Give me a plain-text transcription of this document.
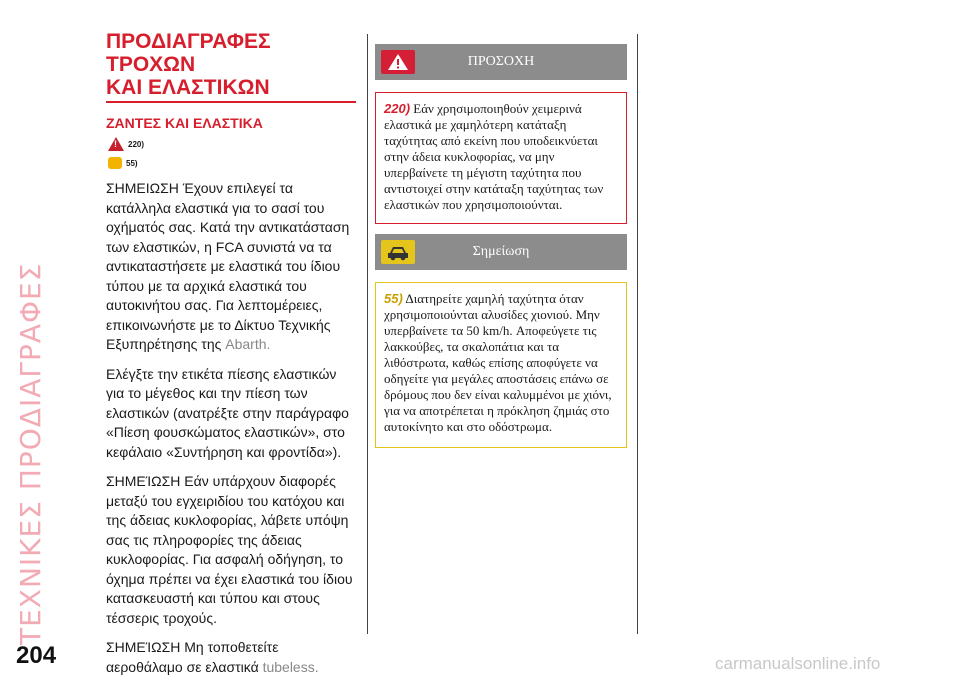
ΤΕΧΝΙΚΕΣ ΠΡΟΔΙΑΓΡΑΦΕΣ
ΠΡΟΔΙΑΓΡΑΦΕΣ ΤΡΟΧΩΝ
ΚΑΙ ΕΛΑΣΤΙΚΩΝ
ΖΑΝΤΕΣ ΚΑΙ ΕΛΑΣΤΙΚΑ
!
220)
55)
ΣΗΜΕΙΩΣΗ Έχουν επιλεγεί τα κατάλληλα ελαστικά για το σασί του οχήματός σας. Κατά την αντικατάσταση των ελαστικών, η FCA συνιστά να τα αντικαταστήσετε με ελαστικά του ίδιου τύπου με τα αρχικά ελαστικά του αυτοκινήτου σας. Για λεπτομέρειες, επικοινωνήστε με το Δίκτυο Τεχνικής Εξυπηρέτησης της Abarth.
Ελέγξτε την ετικέτα πίεσης ελαστικών για το μέγεθος και την πίεση των ελαστικών (ανατρέξτε στην παράγραφο «Πίεση φουσκώματος ελαστικών», στο κεφάλαιο «Συντήρηση και φροντίδα»).
ΣΗΜΕΊΩΣΗ Εάν υπάρχουν διαφορές μεταξύ του εγχειριδίου του κατόχου και της άδειας κυκλοφορίας, λάβετε υπόψη σας τις πληροφορίες της άδειας κυκλοφορίας. Για ασφαλή οδήγηση, το όχημα πρέπει να έχει ελαστικά του ίδιου κατασκευαστή και τύπου και στους τέσσερις τροχούς.
ΣΗΜΕΊΩΣΗ Μη τοποθετείτε αεροθάλαμο σε ελαστικά tubeless.
ΠΡΟΣΟΧΗ
220) Εάν χρησιμοποιηθούν χειμερινά ελαστικά με χαμηλότερη κατάταξη ταχύτητας από εκείνη που υποδεικνύεται στην άδεια κυκλοφορίας, να μην υπερβαίνετε τη μέγιστη ταχύτητα που αντιστοιχεί στην κατάταξη ταχύτητας των ελαστικών που χρησιμοποιούνται.
Σημείωση
55) Διατηρείτε χαμηλή ταχύτητα όταν χρησιμοποιούνται αλυσίδες χιονιού. Μην υπερβαίνετε τα 50 km/h. Αποφεύγετε τις λακκούβες, τα σκαλοπάτια και τα λιθόστρωτα, καθώς επίσης αποφύγετε να οδηγείτε για μεγάλες αποστάσεις επάνω σε δρόμους που δεν είναι καλυμμένοι με χιόνι, για να αποτρέπεται η πρόκληση ζημιάς στο αυτοκίνητο και στο οδόστρωμα.
204	carmanualsonline.info
